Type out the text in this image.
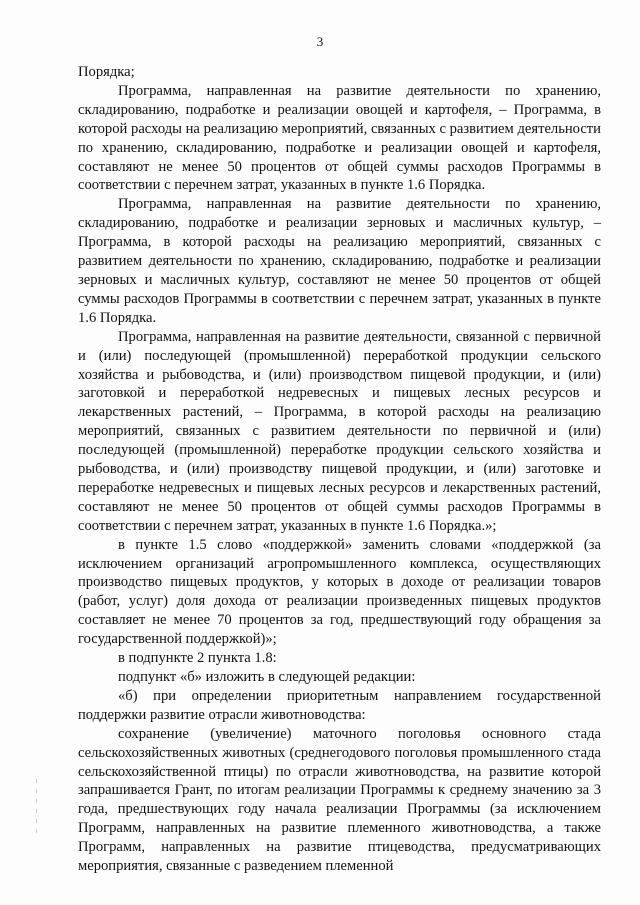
3

Порядка;

Программа, направленная на развитие деятельности по хранению, складированию, подработке и реализации овощей и картофеля, – Программа, в которой расходы на реализацию мероприятий, связанных с развитием деятельности по хранению, складированию, подработке и реализации овощей и картофеля, составляют не менее 50 процентов от общей суммы расходов Программы в соответствии с перечнем затрат, указанных в пункте 1.6 Порядка.

Программа, направленная на развитие деятельности по хранению, складированию, подработке и реализации зерновых и масличных культур, – Программа, в которой расходы на реализацию мероприятий, связанных с развитием деятельности по хранению, складированию, подработке и реализации зерновых и масличных культур, составляют не менее 50 процентов от общей суммы расходов Программы в соответствии с перечнем затрат, указанных в пункте 1.6 Порядка.

Программа, направленная на развитие деятельности, связанной с первичной и (или) последующей (промышленной) переработкой продукции сельского хозяйства и рыбоводства, и (или) производством пищевой продукции, и (или) заготовкой и переработкой недревесных и пищевых лесных ресурсов и лекарственных растений, – Программа, в которой расходы на реализацию мероприятий, связанных с развитием деятельности по первичной и (или) последующей (промышленной) переработке продукции сельского хозяйства и рыбоводства, и (или) производству пищевой продукции, и (или) заготовке и переработке недревесных и пищевых лесных ресурсов и лекарственных растений, составляют не менее 50 процентов от общей суммы расходов Программы в соответствии с перечнем затрат, указанных в пункте 1.6 Порядка.»;

в пункте 1.5 слово «поддержкой» заменить словами «поддержкой (за исключением организаций агропромышленного комплекса, осуществляющих производство пищевых продуктов, у которых в доходе от реализации товаров (работ, услуг) доля дохода от реализации произведенных пищевых продуктов составляет не менее 70 процентов за год, предшествующий году обращения за государственной поддержкой)»;

в подпункте 2 пункта 1.8:

подпункт «б» изложить в следующей редакции:

«б) при определении приоритетным направлением государственной поддержки развитие отрасли животноводства:

сохранение (увеличение) маточного поголовья основного стада сельскохозяйственных животных (среднегодового поголовья промышленного стада сельскохозяйственной птицы) по отрасли животноводства, на развитие которой запрашивается Грант, по итогам реализации Программы к среднему значению за 3 года, предшествующих году начала реализации Программы (за исключением Программ, направленных на развитие племенного животноводства, а также Программ, направленных на развитие птицеводства, предусматривающих мероприятия, связанные с разведением племенной
